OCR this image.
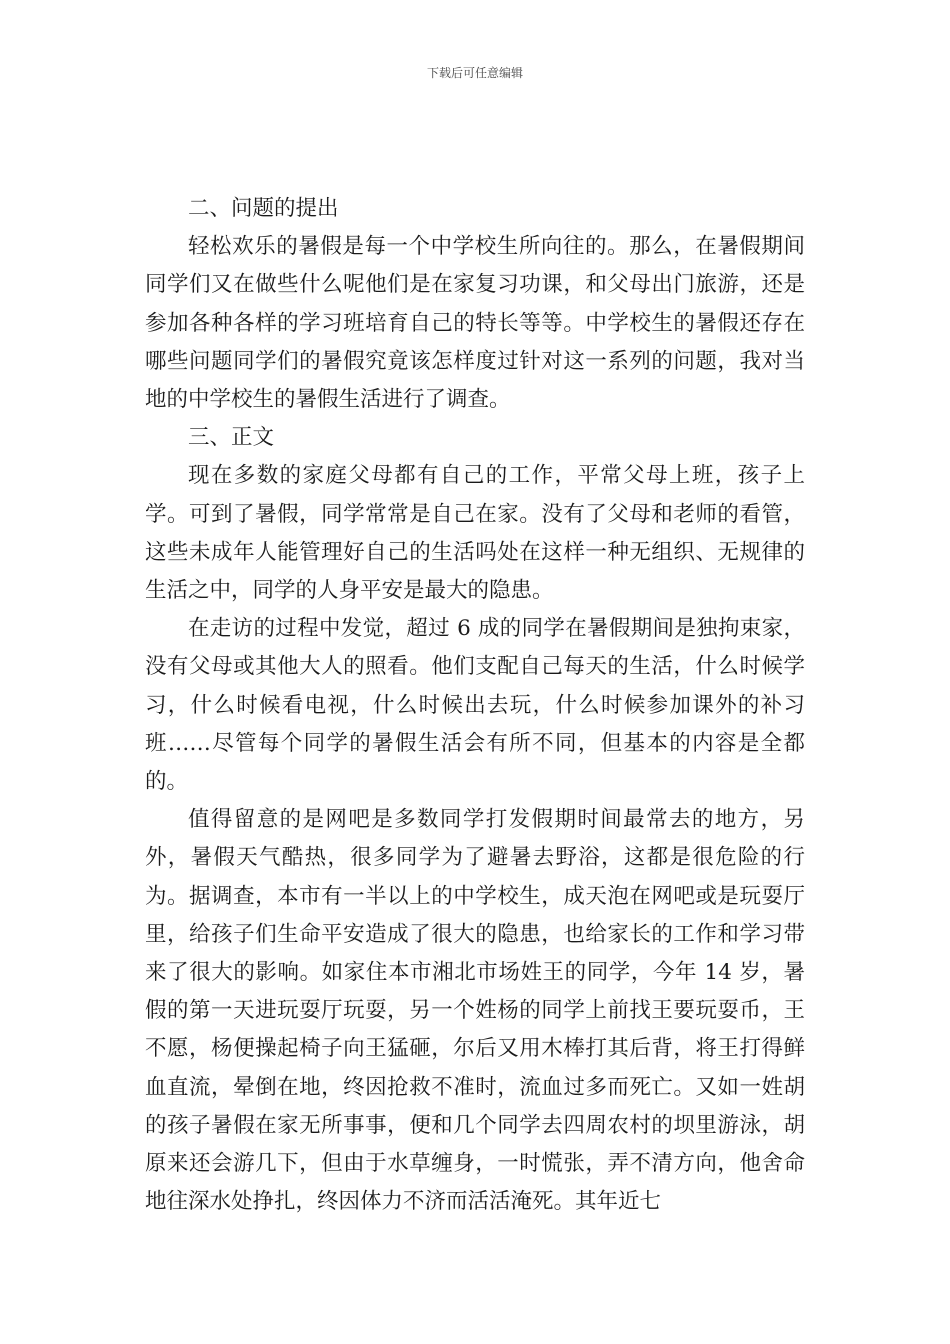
下载后可任意编辑

二、问题的提出

轻松欢乐的暑假是每一个中学校生所向往的。那么，在暑假期间同学们又在做些什么呢他们是在家复习功课，和父母出门旅游，还是参加各种各样的学习班培育自己的特长等等。中学校生的暑假还存在哪些问题同学们的暑假究竟该怎样度过针对这一系列的问题，我对当地的中学校生的暑假生活进行了调查。

三、正文

现在多数的家庭父母都有自己的工作，平常父母上班，孩子上学。可到了暑假，同学常常是自己在家。没有了父母和老师的看管，这些未成年人能管理好自己的生活吗处在这样一种无组织、无规律的生活之中，同学的人身平安是最大的隐患。

在走访的过程中发觉，超过 6 成的同学在暑假期间是独拘束家，没有父母或其他大人的照看。他们支配自己每天的生活，什么时候学习，什么时候看电视，什么时候出去玩，什么时候参加课外的补习班……尽管每个同学的暑假生活会有所不同，但基本的内容是全都的。

值得留意的是网吧是多数同学打发假期时间最常去的地方，另外，暑假天气酷热，很多同学为了避暑去野浴，这都是很危险的行为。据调查，本市有一半以上的中学校生，成天泡在网吧或是玩耍厅里，给孩子们生命平安造成了很大的隐患，也给家长的工作和学习带来了很大的影响。如家住本市湘北市场姓王的同学，今年 14 岁，暑假的第一天进玩耍厅玩耍，另一个姓杨的同学上前找王要玩耍币，王不愿，杨便操起椅子向王猛砸，尔后又用木棒打其后背，将王打得鲜血直流，晕倒在地，终因抢救不准时，流血过多而死亡。又如一姓胡的孩子暑假在家无所事事，便和几个同学去四周农村的坝里游泳，胡原来还会游几下，但由于水草缠身，一时慌张，弄不清方向，他舍命地往深水处挣扎，终因体力不济而活活淹死。其年近七
